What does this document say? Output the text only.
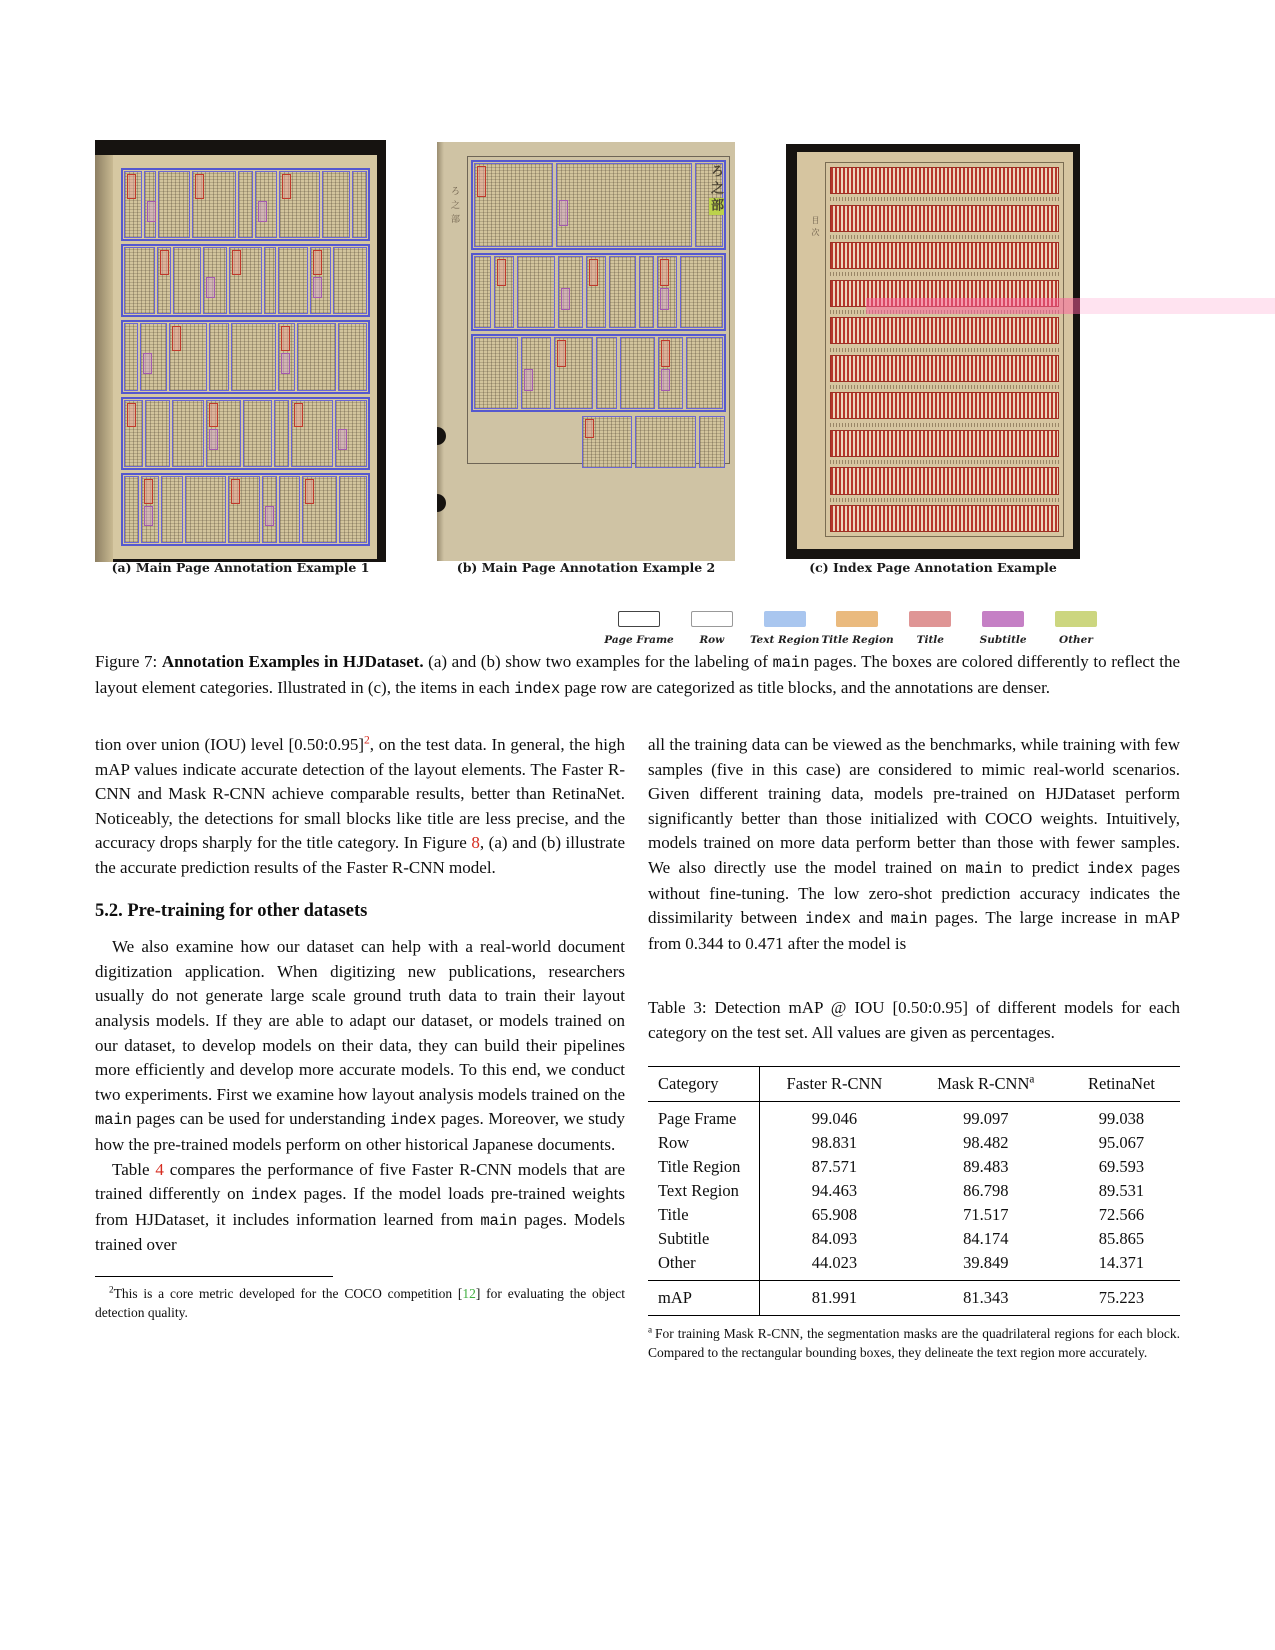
ろ之部
ろ之部
目次
(a) Main Page Annotation Example 1	(b) Main Page Annotation Example 2	(c) Index Page Annotation Example
Page Frame Row Text Region Title Region Title	Subtitle	Other
Figure 7: Annotation Examples in HJDataset. (a) and (b) show two examples for the labeling of main pages. The boxes are colored differently to reflect the layout element categories. Illustrated in (c), the items in each index page row are categorized as title blocks, and the annotations are denser.

tion over union (IOU) level [0.50:0.95]$^2$, on the test data. In general, the high mAP values indicate accurate detection of the layout elements. The Faster R-CNN and Mask R-CNN achieve comparable results, better than RetinaNet. Noticeably, the detections for small blocks like title are less precise, and the accuracy drops sharply for the title category. In Figure 8, (a) and (b) illustrate the accurate prediction results of the Faster R-CNN model.

5.2. Pre-training for other datasets

We also examine how our dataset can help with a real-world document digitization application. When digitizing new publications, researchers usually do not generate large scale ground truth data to train their layout analysis models. If they are able to adapt our dataset, or models trained on our dataset, to develop models on their data, they can build their pipelines more efficiently and develop more accurate models. To this end, we conduct two experiments. First we examine how layout analysis models trained on the main pages can be used for understanding index pages. Moreover, we study how the pre-trained models perform on other historical Japanese documents.

Table 4 compares the performance of five Faster R-CNN models that are trained differently on index pages. If the model loads pre-trained weights from HJDataset, it includes information learned from main pages. Models trained over

$^2$This is a core metric developed for the COCO competition [12] for evaluating the object detection quality.

all the training data can be viewed as the benchmarks, while training with few samples (five in this case) are considered to mimic real-world scenarios. Given different training data, models pre-trained on HJDataset perform significantly better than those initialized with COCO weights. Intuitively, models trained on more data perform better than those with fewer samples. We also directly use the model trained on main to predict index pages without fine-tuning. The low zero-shot prediction accuracy indicates the dissimilarity between index and main pages. The large increase in mAP from 0.344 to 0.471 after the model is

Table 3: Detection mAP @ IOU [0.50:0.95] of different models for each category on the test set. All values are given as percentages.

Category	Faster R-CNN	Mask R-CNN$^a$	RetinaNet
Page Frame	99.046	99.097	99.038
Row	98.831	98.482	95.067
Title Region	87.571	89.483	69.593
Text Region	94.463	86.798	89.531
Title	65.908	71.517	72.566
Subtitle	84.093	84.174	85.865
Other	44.023	39.849	14.371
mAP	81.991	81.343	75.223

$^a$ For training Mask R-CNN, the segmentation masks are the quadrilateral regions for each block. Compared to the rectangular bounding boxes, they delineate the text region more accurately.
